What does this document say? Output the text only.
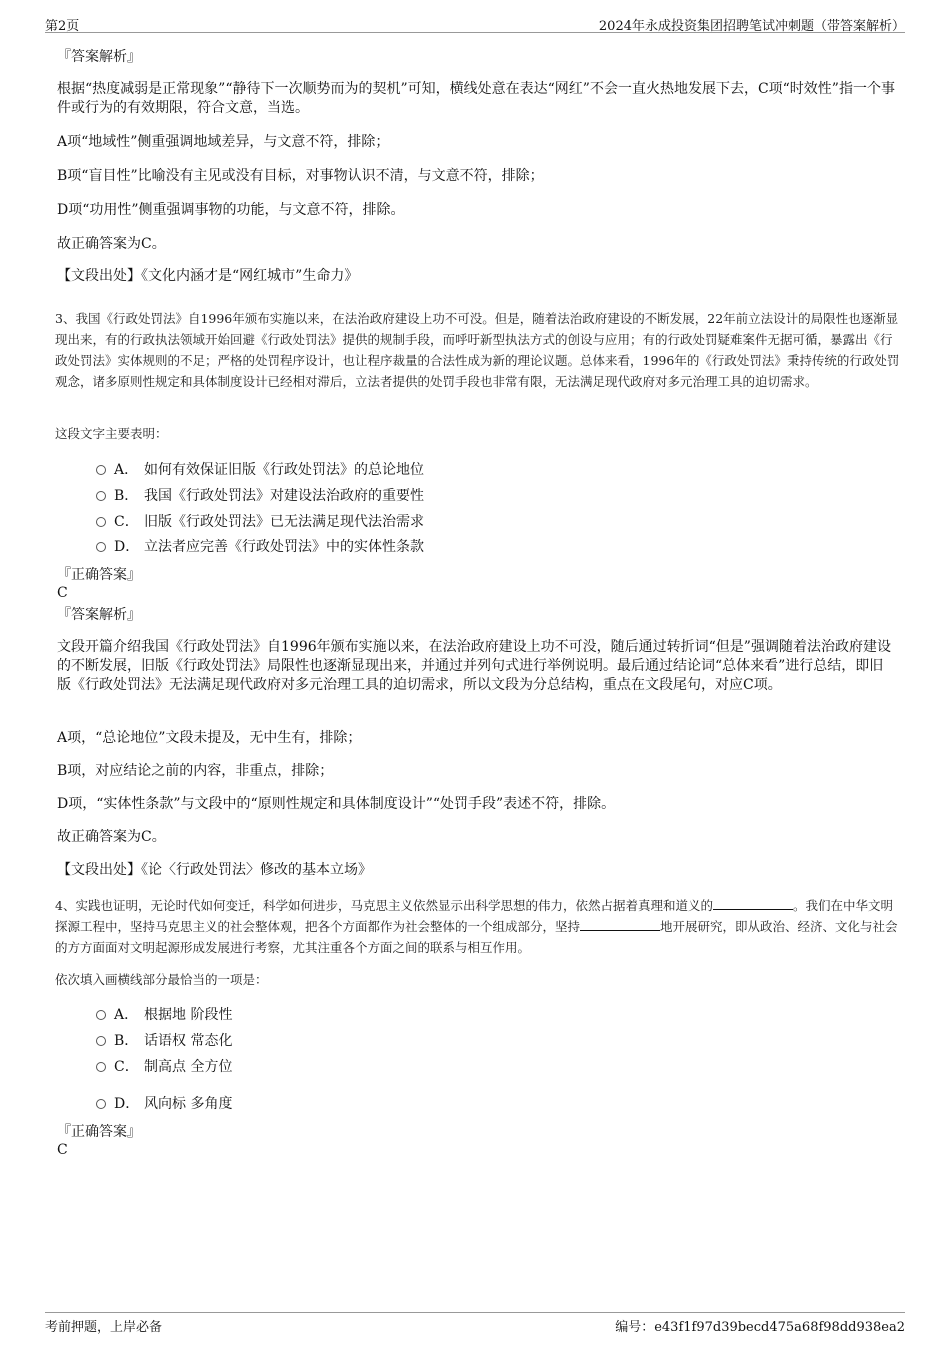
第2页	2024年永成投资集团招聘笔试冲刺题（带答案解析）
『答案解析』
根据“热度减弱是正常现象”“静待下一次顺势而为的契机”可知，横线处意在表达“网红”不会一直火热地发展下去，C项“时效性”指一个事件或行为的有效期限，符合文意，当选。
A项“地域性”侧重强调地域差异，与文意不符，排除；
B项“盲目性”比喻没有主见或没有目标，对事物认识不清，与文意不符，排除；
D项“功用性”侧重强调事物的功能，与文意不符，排除。
故正确答案为C。
【文段出处】《文化内涵才是“网红城市”生命力》
3、我国《行政处罚法》自1996年颁布实施以来，在法治政府建设上功不可没。但是，随着法治政府建设的不断发展，22年前立法设计的局限性也逐渐显现出来，有的行政执法领域开始回避《行政处罚法》提供的规制手段，而呼吁新型执法方式的创设与应用；有的行政处罚疑难案件无据可循，暴露出《行政处罚法》实体规则的不足；严格的处罚程序设计，也让程序裁量的合法性成为新的理论议题。总体来看，1996年的《行政处罚法》秉持传统的行政处罚观念，诸多原则性规定和具体制度设计已经相对滞后，立法者提供的处罚手段也非常有限，无法满足现代政府对多元治理工具的迫切需求。
这段文字主要表明：
A． 如何有效保证旧版《行政处罚法》的总论地位
B． 我国《行政处罚法》对建设法治政府的重要性
C． 旧版《行政处罚法》已无法满足现代法治需求
D． 立法者应完善《行政处罚法》中的实体性条款
『正确答案』
C
『答案解析』
文段开篇介绍我国《行政处罚法》自1996年颁布实施以来，在法治政府建设上功不可没，随后通过转折词“但是”强调随着法治政府建设的不断发展，旧版《行政处罚法》局限性也逐渐显现出来，并通过并列句式进行举例说明。最后通过结论词“总体来看”进行总结，即旧版《行政处罚法》无法满足现代政府对多元治理工具的迫切需求，所以文段为分总结构，重点在文段尾句，对应C项。
A项，“总论地位”文段未提及，无中生有，排除；
B项，对应结论之前的内容，非重点，排除；
D项，“实体性条款”与文段中的“原则性规定和具体制度设计”“处罚手段”表述不符，排除。
故正确答案为C。
【文段出处】《论〈行政处罚法〉修改的基本立场》
4、实践也证明，无论时代如何变迁，科学如何进步，马克思主义依然显示出科学思想的伟力，依然占据着真理和道义的	。我们在中华文明探源工程中，坚持马克思主义的社会整体观，把各个方面都作为社会整体的一个组成部分，坚持	地开展研究，即从政治、经济、文化与社会的方方面面对文明起源形成发展进行考察，尤其注重各个方面之间的联系与相互作用。
依次填入画横线部分最恰当的一项是：
A． 根据地 阶段性
B． 话语权 常态化
C． 制高点 全方位
D． 风向标 多角度
『正确答案』
C
考前押题，上岸必备	编号：e43f1f97d39becd475a68f98dd938ea2
